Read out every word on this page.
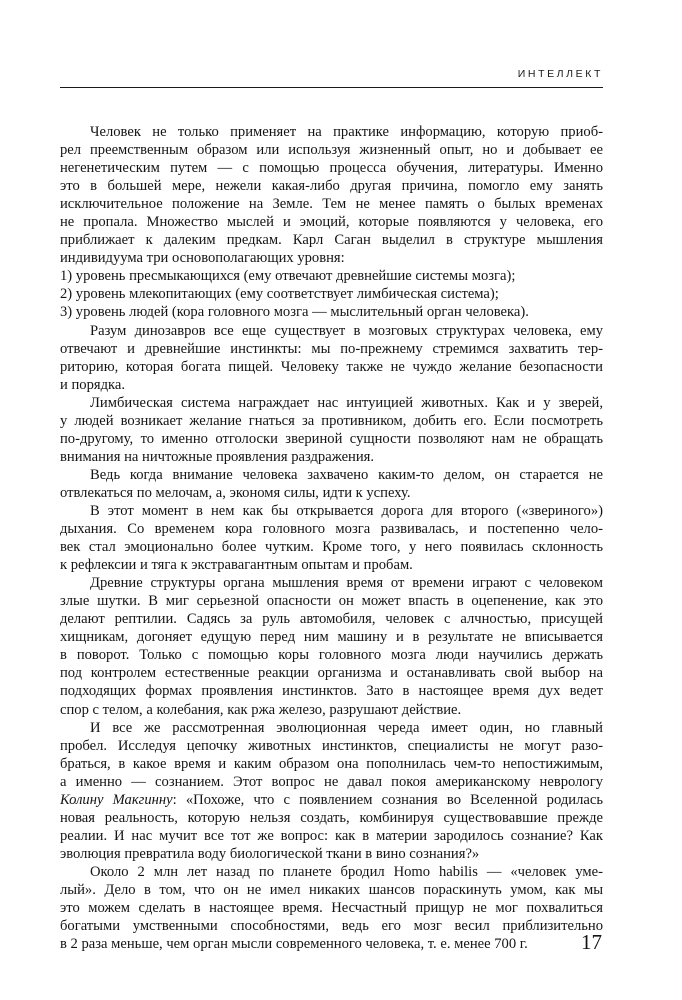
ИНТЕЛЛЕКТ

Человек не только применяет на практике информацию, которую приоб-

рел преемственным образом или используя жизненный опыт, но и добывает ее

негенетическим путем — с помощью процесса обучения, литературы. Именно

это в большей мере, нежели какая-либо другая причина, помогло ему занять

исключительное положение на Земле. Тем не менее память о былых временах

не пропала. Множество мыслей и эмоций, которые появляются у человека, его

приближает к далеким предкам. Карл Саган выделил в структуре мышления

индивидуума три основополагающих уровня:

1) уровень пресмыкающихся (ему отвечают древнейшие системы мозга);

2) уровень млекопитающих (ему соответствует лимбическая система);

3) уровень людей (кора головного мозга — мыслительный орган человека).

Разум динозавров все еще существует в мозговых структурах человека, ему

отвечают и древнейшие инстинкты: мы по-прежнему стремимся захватить тер-

риторию, которая богата пищей. Человеку также не чуждо желание безопасности

и порядка.

Лимбическая система награждает нас интуицией животных. Как и у зверей,

у людей возникает желание гнаться за противником, добить его. Если посмотреть

по-другому, то именно отголоски звериной сущности позволяют нам не обращать

внимания на ничтожные проявления раздражения.

Ведь когда внимание человека захвачено каким-то делом, он старается не

отвлекаться по мелочам, а, экономя силы, идти к успеху.

В этот момент в нем как бы открывается дорога для второго («звериного»)

дыхания. Со временем кора головного мозга развивалась, и постепенно чело-

век стал эмоционально более чутким. Кроме того, у него появилась склонность

к рефлексии и тяга к экстравагантным опытам и пробам.

Древние структуры органа мышления время от времени играют с человеком

злые шутки. В миг серьезной опасности он может впасть в оцепенение, как это

делают рептилии. Садясь за руль автомобиля, человек с алчностью, присущей

хищникам, догоняет едущую перед ним машину и в результате не вписывается

в поворот. Только с помощью коры головного мозга люди научились держать

под контролем естественные реакции организма и останавливать свой выбор на

подходящих формах проявления инстинктов. Зато в настоящее время дух ведет

спор с телом, а колебания, как ржа железо, разрушают действие.

И все же рассмотренная эволюционная череда имеет один, но главный

пробел. Исследуя цепочку животных инстинктов, специалисты не могут разо-

браться, в какое время и каким образом она пополнилась чем-то непостижимым,

а именно — сознанием. Этот вопрос не давал покоя американскому неврологу

Колину Макгинну: «Похоже, что с появлением сознания во Вселенной родилась

новая реальность, которую нельзя создать, комбинируя существовавшие прежде

реалии. И нас мучит все тот же вопрос: как в материи зародилось сознание? Как

эволюция превратила воду биологической ткани в вино сознания?»

Около 2 млн лет назад по планете бродил Homo habilis — «человек уме-

лый». Дело в том, что он не имел никаких шансов пораскинуть умом, как мы

это можем сделать в настоящее время. Несчастный прищур не мог похвалиться

богатыми умственными способностями, ведь его мозг весил приблизительно

в 2 раза меньше, чем орган мысли современного человека, т. е. менее 700 г.	17
